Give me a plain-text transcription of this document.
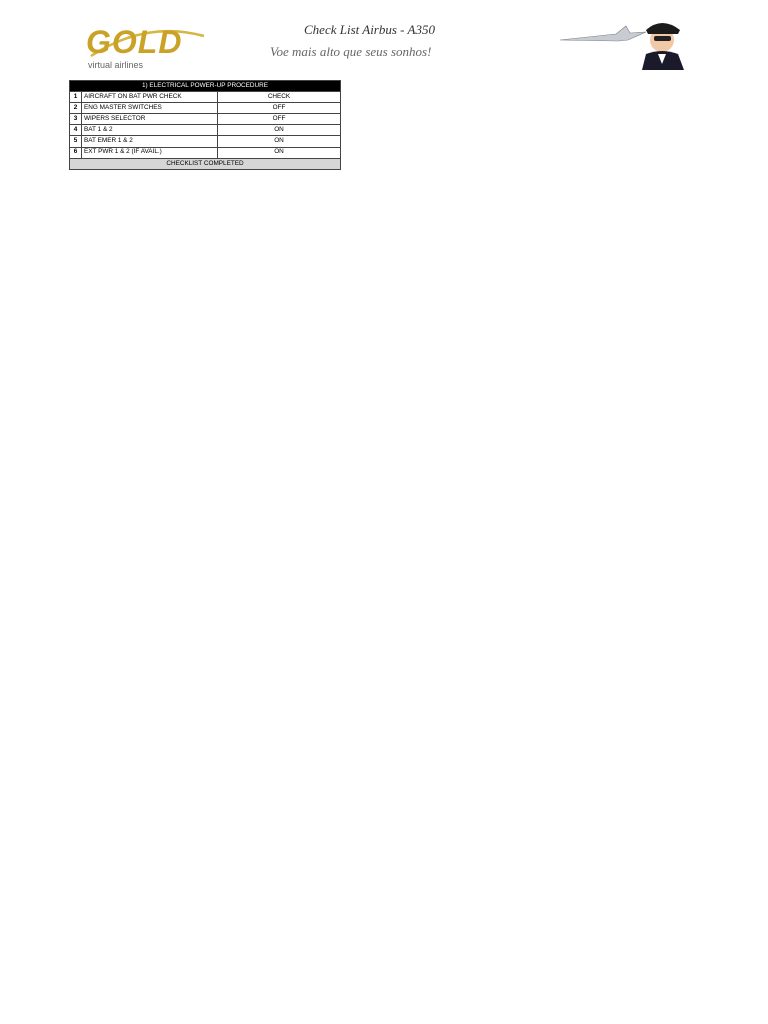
GOLD
virtual airlines
Check List Airbus - A350
Voe mais alto que seus sonhos!
1) ELECTRICAL POWER-UP PROCEDURE		
1	AIRCRAFT ON BAT PWR CHECK	CHECK
2	ENG MASTER SWITCHES	OFF
3	WIPERS SELECTOR	OFF
4	BAT 1 & 2	ON
5	BAT EMER 1 & 2	ON
6	EXT PWR 1 & 2 (IF AVAIL.)	ON
CHECKLIST COMPLETED		
